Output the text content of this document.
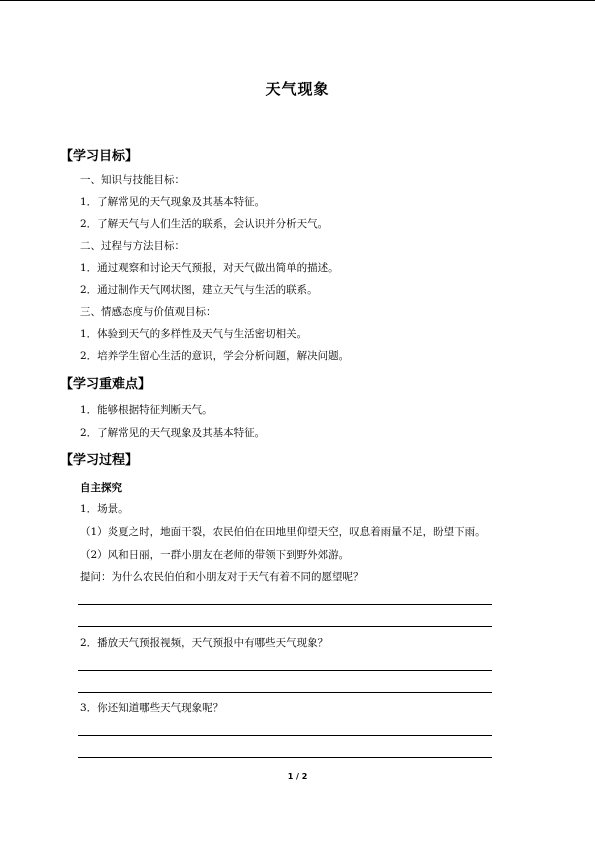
天气现象
【学习目标】
一、知识与技能目标：
1．了解常见的天气现象及其基本特征。
2．了解天气与人们生活的联系，会认识并分析天气。
二、过程与方法目标：
1．通过观察和讨论天气预报，对天气做出简单的描述。
2．通过制作天气网状图，建立天气与生活的联系。
三、情感态度与价值观目标：
1．体验到天气的多样性及天气与生活密切相关。
2．培养学生留心生活的意识，学会分析问题，解决问题。
【学习重难点】
1．能够根据特征判断天气。
2．了解常见的天气现象及其基本特征。
【学习过程】
自主探究
1．场景。
（1）炎夏之时，地面干裂，农民伯伯在田地里仰望天空，叹息着雨量不足，盼望下雨。
（2）风和日丽，一群小朋友在老师的带领下到野外郊游。
提问：为什么农民伯伯和小朋友对于天气有着不同的愿望呢？
2．播放天气预报视频，天气预报中有哪些天气现象？
3．你还知道哪些天气现象呢？
1 / 2
